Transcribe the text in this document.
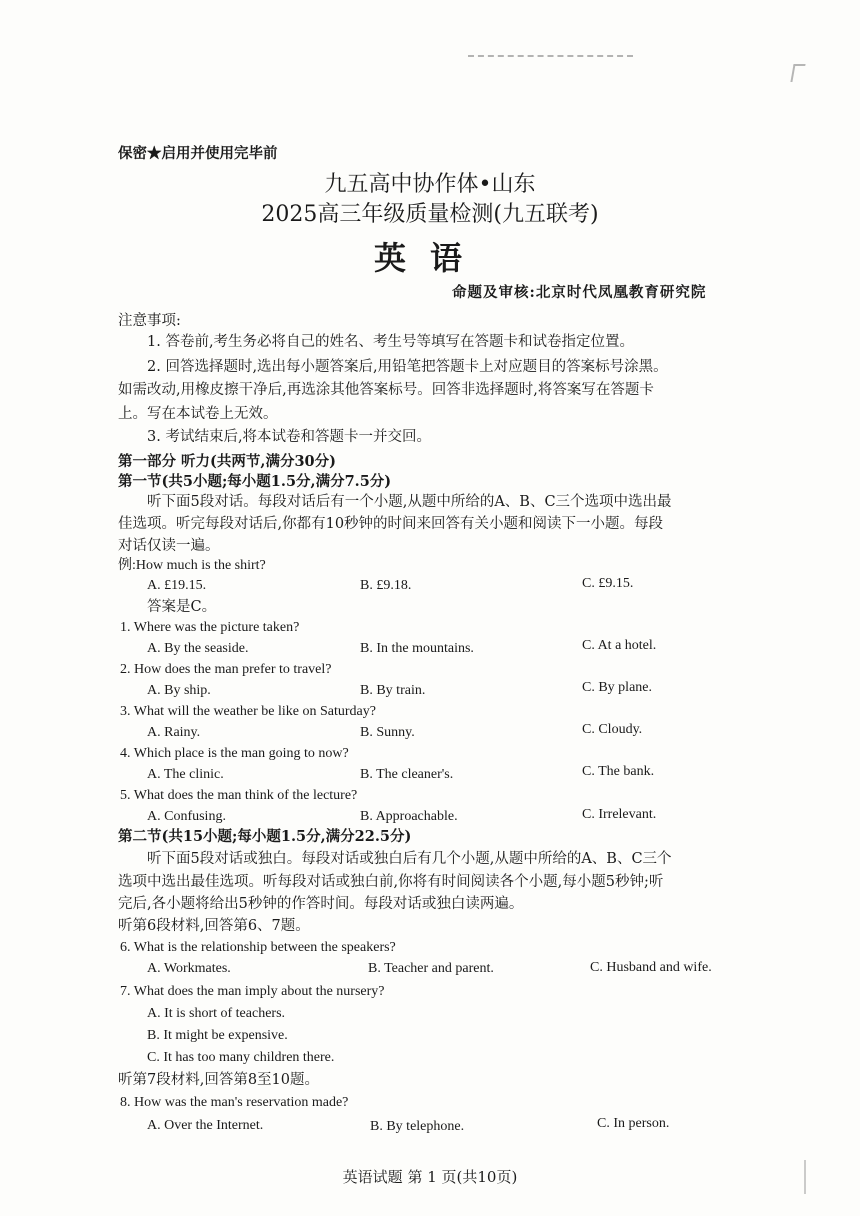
保密★启用并使用完毕前
九五高中协作体•山东
2025高三年级质量检测(九五联考)
英语
命题及审核:北京时代凤凰教育研究院
注意事项:
1. 答卷前,考生务必将自己的姓名、考生号等填写在答题卡和试卷指定位置。
2. 回答选择题时,选出每小题答案后,用铅笔把答题卡上对应题目的答案标号涂黑。
如需改动,用橡皮擦干净后,再选涂其他答案标号。回答非选择题时,将答案写在答题卡
上。写在本试卷上无效。
3. 考试结束后,将本试卷和答题卡一并交回。
第一部分 听力(共两节,满分30分)
第一节(共5小题;每小题1.5分,满分7.5分)
听下面5段对话。每段对话后有一个小题,从题中所给的A、B、C三个选项中选出最
佳选项。听完每段对话后,你都有10秒钟的时间来回答有关小题和阅读下一小题。每段
对话仅读一遍。
例:How much is the shirt?
A. £19.15.	B. £9.18.	C. £9.15.
答案是C。
1. Where was the picture taken?
A. By the seaside.	B. In the mountains.	C. At a hotel.
2. How does the man prefer to travel?
A. By ship.	B. By train.	C. By plane.
3. What will the weather be like on Saturday?
A. Rainy.	B. Sunny.	C. Cloudy.
4. Which place is the man going to now?
A. The clinic.	B. The cleaner's.	C. The bank.
5. What does the man think of the lecture?
A. Confusing.	B. Approachable.	C. Irrelevant.
第二节(共15小题;每小题1.5分,满分22.5分)
听下面5段对话或独白。每段对话或独白后有几个小题,从题中所给的A、B、C三个
选项中选出最佳选项。听每段对话或独白前,你将有时间阅读各个小题,每小题5秒钟;听
完后,各小题将给出5秒钟的作答时间。每段对话或独白读两遍。
听第6段材料,回答第6、7题。
6. What is the relationship between the speakers?
A. Workmates.	B. Teacher and parent.	C. Husband and wife.
7. What does the man imply about the nursery?
A. It is short of teachers.
B. It might be expensive.
C. It has too many children there.
听第7段材料,回答第8至10题。
8. How was the man's reservation made?
A. Over the Internet.	B. By telephone.	C. In person.
英语试题 第 1 页(共10页)
